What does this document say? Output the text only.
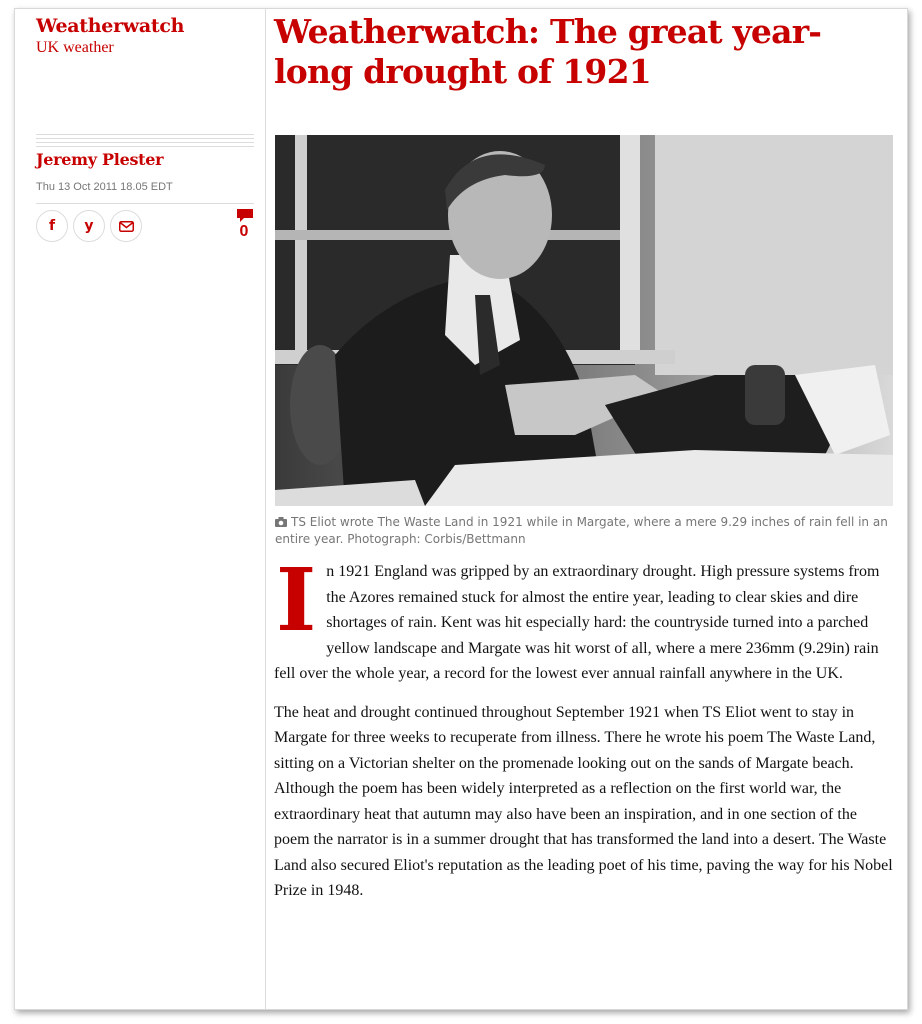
Weatherwatch
UK weather
Jeremy Plester
Thu 13 Oct 2011 18.05 EDT
f y	0
Weatherwatch: The great year-long drought of 1921
TS Eliot wrote The Waste Land in 1921 while in Margate, where a mere 9.29 inches of rain fell in an entire year. Photograph: Corbis/Bettmann

In 1921 England was gripped by an extraordinary drought. High pressure systems from the Azores remained stuck for almost the entire year, leading to clear skies and dire shortages of rain. Kent was hit especially hard: the countryside turned into a parched yellow landscape and Margate was hit worst of all, where a mere 236mm (9.29in) rain fell over the whole year, a record for the lowest ever annual rainfall anywhere in the UK.

The heat and drought continued throughout September 1921 when TS Eliot went to stay in Margate for three weeks to recuperate from illness. There he wrote his poem The Waste Land, sitting on a Victorian shelter on the promenade looking out on the sands of Margate beach. Although the poem has been widely interpreted as a reflection on the first world war, the extraordinary heat that autumn may also have been an inspiration, and in one section of the poem the narrator is in a summer drought that has transformed the land into a desert. The Waste Land also secured Eliot's reputation as the leading poet of his time, paving the way for his Nobel Prize in 1948.
